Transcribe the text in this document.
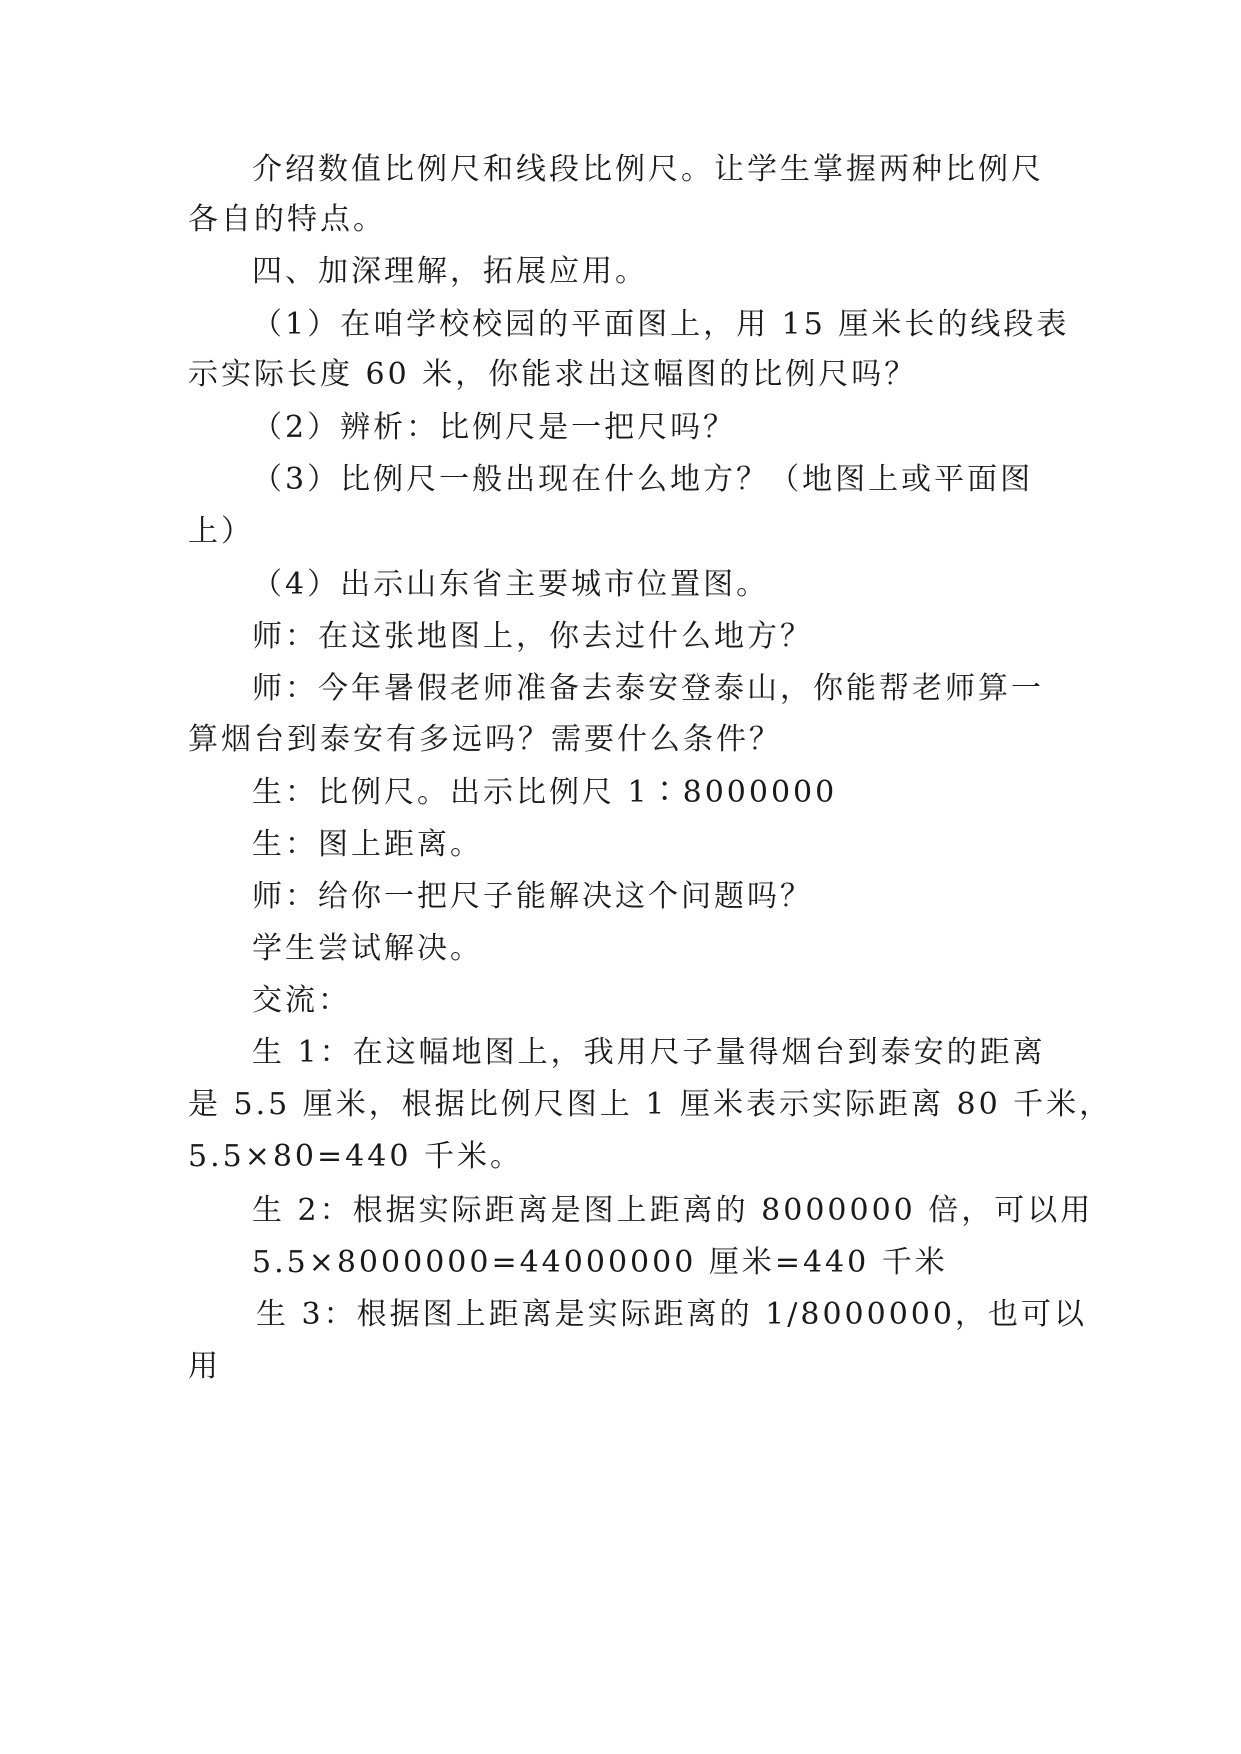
介绍数值比例尺和线段比例尺。让学生掌握两种比例尺
各自的特点。
四、加深理解，拓展应用。
（1）在咱学校校园的平面图上，用 15 厘米长的线段表
示实际长度 60 米，你能求出这幅图的比例尺吗？
（2）辨析：比例尺是一把尺吗？
（3）比例尺一般出现在什么地方？（地图上或平面图
上）
（4）出示山东省主要城市位置图。
师：在这张地图上，你去过什么地方？
师：今年暑假老师准备去泰安登泰山，你能帮老师算一
算烟台到泰安有多远吗？需要什么条件？
生：比例尺。出示比例尺 1∶8000000
生：图上距离。
师：给你一把尺子能解决这个问题吗？
学生尝试解决。
交流：
生 1：在这幅地图上，我用尺子量得烟台到泰安的距离
是 5.5 厘米，根据比例尺图上 1 厘米表示实际距离 80 千米，
5.5×80=440 千米。
生 2：根据实际距离是图上距离的 8000000 倍，可以用
5.5×8000000=44000000 厘米=440 千米
生 3：根据图上距离是实际距离的 1/8000000，也可以
用
